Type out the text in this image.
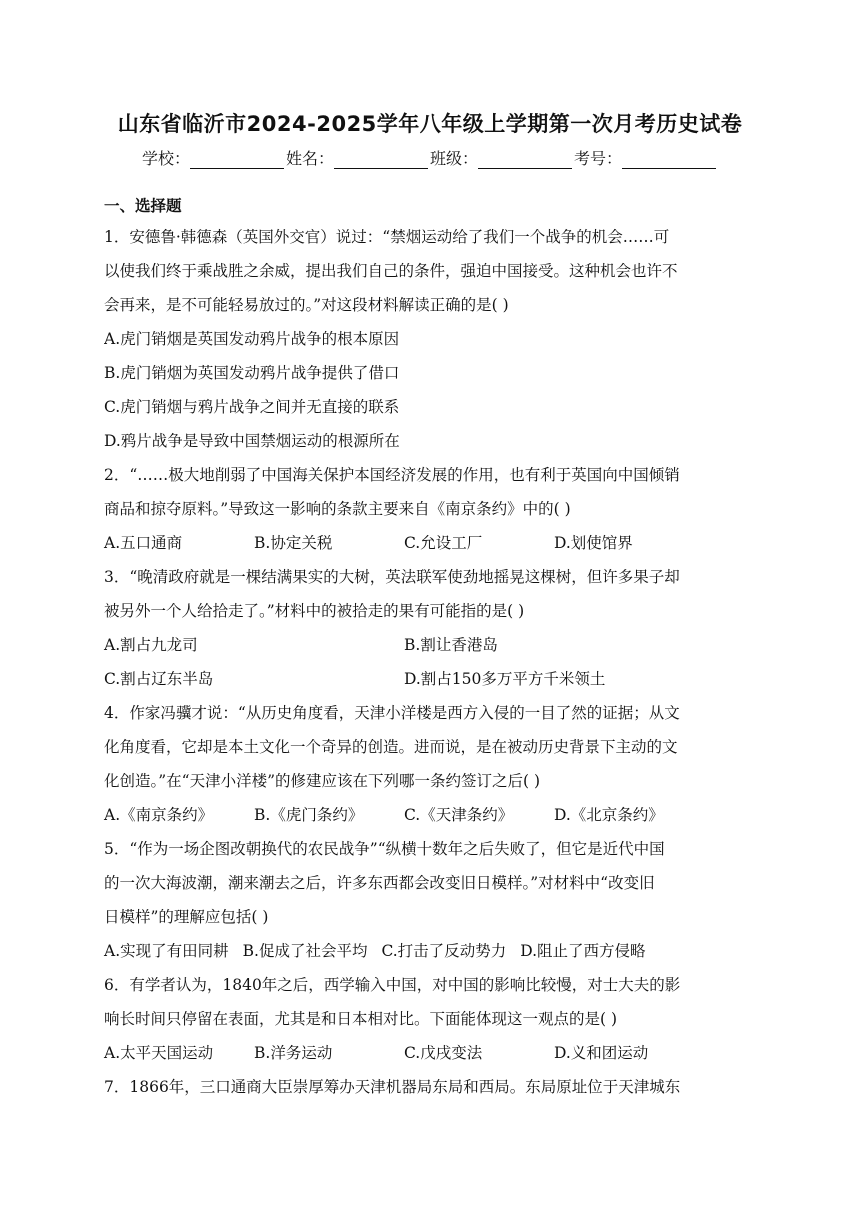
山东省临沂市2024-2025学年八年级上学期第一次月考历史试卷
学校：	姓名：	班级：	考号：
一、选择题
1．安德鲁·韩德森（英国外交官）说过：“禁烟运动给了我们一个战争的机会……可
以使我们终于乘战胜之余威，提出我们自己的条件，强迫中国接受。这种机会也许不
会再来，是不可能轻易放过的。”对这段材料解读正确的是( )
A.虎门销烟是英国发动鸦片战争的根本原因
B.虎门销烟为英国发动鸦片战争提供了借口
C.虎门销烟与鸦片战争之间并无直接的联系
D.鸦片战争是导致中国禁烟运动的根源所在
2．“……极大地削弱了中国海关保护本国经济发展的作用，也有利于英国向中国倾销
商品和掠夺原料。”导致这一影响的条款主要来自《南京条约》中的( )
A.五口通商	B.协定关税	C.允设工厂	D.划使馆界
3．“晚清政府就是一棵结满果实的大树，英法联军使劲地摇晃这棵树，但许多果子却
被另外一个人给拾走了。”材料中的被拾走的果有可能指的是( )
A.割占九龙司	B.割让香港岛
C.割占辽东半岛	D.割占150多万平方千米领土
4．作家冯骥才说：“从历史角度看，天津小洋楼是西方入侵的一目了然的证据；从文
化角度看，它却是本土文化一个奇异的创造。进而说，是在被动历史背景下主动的文
化创造。”在“天津小洋楼”的修建应该在下列哪一条约签订之后( )
A.《南京条约》	B.《虎门条约》	C.《天津条约》	D.《北京条约》
5．“作为一场企图改朝换代的农民战争”“纵横十数年之后失败了，但它是近代中国
的一次大海波潮，潮来潮去之后，许多东西都会改变旧日模样。”对材料中“改变旧
日模样”的理解应包括( )
A.实现了有田同耕 B.促成了社会平均 C.打击了反动势力 D.阻止了西方侵略
6．有学者认为，1840年之后，西学输入中国，对中国的影响比较慢，对士大夫的影
响长时间只停留在表面，尤其是和日本相对比。下面能体现这一观点的是( )
A.太平天国运动	B.洋务运动	C.戊戌变法	D.义和团运动
7．1866年，三口通商大臣崇厚筹办天津机器局东局和西局。东局原址位于天津城东
